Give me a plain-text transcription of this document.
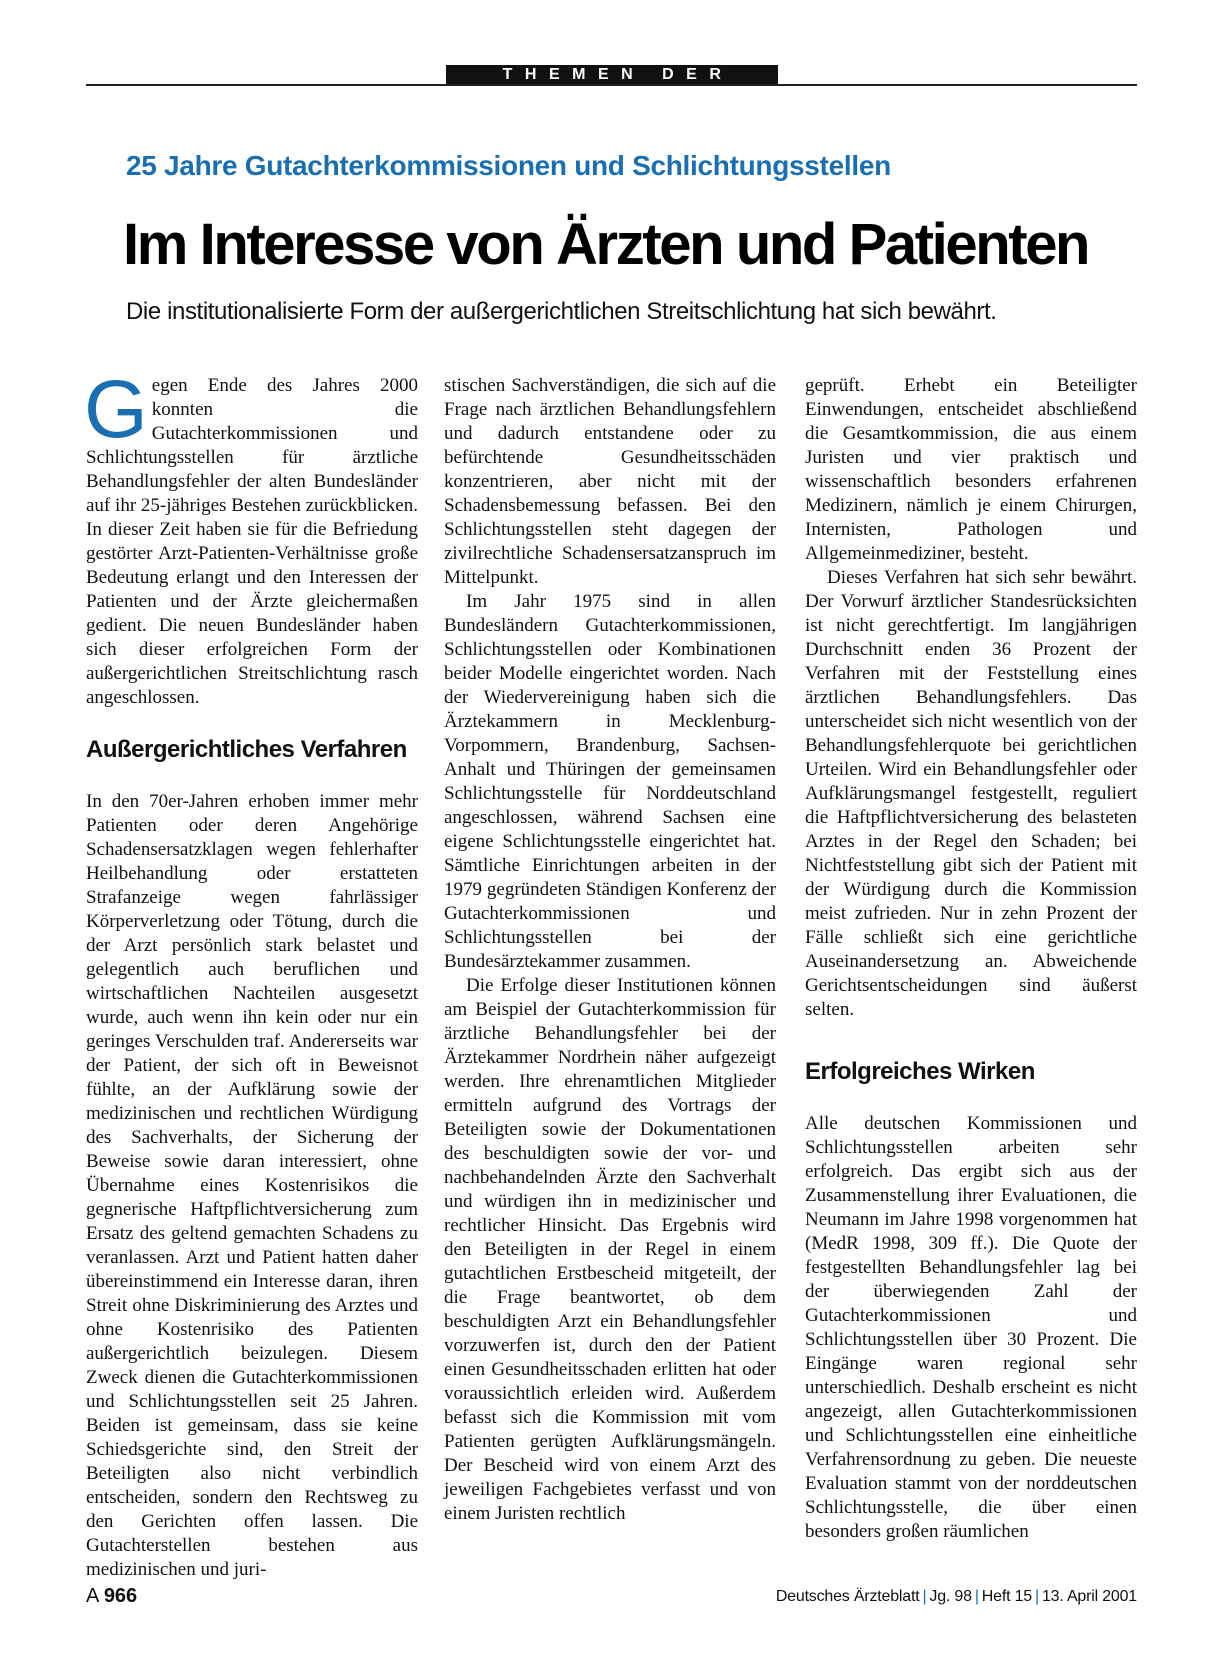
THEMEN DER ZEIT
25 Jahre Gutachterkommissionen und Schlichtungsstellen
Im Interesse von Ärzten und Patienten
Die institutionalisierte Form der außergerichtlichen Streitschlichtung hat sich bewährt.

Gegen Ende des Jahres 2000 konnten die Gutachterkommissionen und Schlichtungsstellen für ärztliche Behandlungsfehler der alten Bundesländer auf ihr 25-jähriges Bestehen zurückblicken. In dieser Zeit haben sie für die Befriedung gestörter Arzt-Patienten-Verhältnisse große Bedeutung erlangt und den Interessen der Patienten und der Ärzte gleichermaßen gedient. Die neuen Bundesländer haben sich dieser erfolgreichen Form der außergerichtlichen Streitschlichtung rasch angeschlossen.

Außergerichtliches Verfahren

In den 70er-Jahren erhoben immer mehr Patienten oder deren Angehörige Schadensersatzklagen wegen fehlerhafter Heilbehandlung oder erstatteten Strafanzeige wegen fahrlässiger Körperverletzung oder Tötung, durch die der Arzt persönlich stark belastet und gelegentlich auch beruflichen und wirtschaftlichen Nachteilen ausgesetzt wurde, auch wenn ihn kein oder nur ein geringes Verschulden traf. Andererseits war der Patient, der sich oft in Beweisnot fühlte, an der Aufklärung sowie der medizinischen und rechtlichen Würdigung des Sachverhalts, der Sicherung der Beweise sowie daran interessiert, ohne Übernahme eines Kostenrisikos die gegnerische Haftpflichtversicherung zum Ersatz des geltend gemachten Schadens zu veranlassen. Arzt und Patient hatten daher übereinstimmend ein Interesse daran, ihren Streit ohne Diskriminierung des Arztes und ohne Kostenrisiko des Patienten außergerichtlich beizulegen. Diesem Zweck dienen die Gutachterkommissionen und Schlichtungsstellen seit 25 Jahren. Beiden ist gemeinsam, dass sie keine Schiedsgerichte sind, den Streit der Beteiligten also nicht verbindlich entscheiden, sondern den Rechtsweg zu den Gerichten offen lassen. Die Gutachterstellen bestehen aus medizinischen und juri-

stischen Sachverständigen, die sich auf die Frage nach ärztlichen Behandlungsfehlern und dadurch entstandene oder zu befürchtende Gesundheitsschäden konzentrieren, aber nicht mit der Schadensbemessung befassen. Bei den Schlichtungsstellen steht dagegen der zivilrechtliche Schadensersatzanspruch im Mittelpunkt.

Im Jahr 1975 sind in allen Bundesländern Gutachterkommissionen, Schlichtungsstellen oder Kombinationen beider Modelle eingerichtet worden. Nach der Wiedervereinigung haben sich die Ärztekammern in Mecklenburg-Vorpommern, Brandenburg, Sachsen-Anhalt und Thüringen der gemeinsamen Schlichtungsstelle für Norddeutschland angeschlossen, während Sachsen eine eigene Schlichtungsstelle eingerichtet hat. Sämtliche Einrichtungen arbeiten in der 1979 gegründeten Ständigen Konferenz der Gutachterkommissionen und Schlichtungsstellen bei der Bundesärztekammer zusammen.

Die Erfolge dieser Institutionen können am Beispiel der Gutachterkommission für ärztliche Behandlungsfehler bei der Ärztekammer Nordrhein näher aufgezeigt werden. Ihre ehrenamtlichen Mitglieder ermitteln aufgrund des Vortrags der Beteiligten sowie der Dokumentationen des beschuldigten sowie der vor- und nachbehandelnden Ärzte den Sachverhalt und würdigen ihn in medizinischer und rechtlicher Hinsicht. Das Ergebnis wird den Beteiligten in der Regel in einem gutachtlichen Erstbescheid mitgeteilt, der die Frage beantwortet, ob dem beschuldigten Arzt ein Behandlungsfehler vorzuwerfen ist, durch den der Patient einen Gesundheitsschaden erlitten hat oder voraussichtlich erleiden wird. Außerdem befasst sich die Kommission mit vom Patienten gerügten Aufklärungsmängeln. Der Bescheid wird von einem Arzt des jeweiligen Fachgebietes verfasst und von einem Juristen rechtlich

geprüft. Erhebt ein Beteiligter Einwendungen, entscheidet abschließend die Gesamtkommission, die aus einem Juristen und vier praktisch und wissenschaftlich besonders erfahrenen Medizinern, nämlich je einem Chirurgen, Internisten, Pathologen und Allgemeinmediziner, besteht.

Dieses Verfahren hat sich sehr bewährt. Der Vorwurf ärztlicher Standesrücksichten ist nicht gerechtfertigt. Im langjährigen Durchschnitt enden 36 Prozent der Verfahren mit der Feststellung eines ärztlichen Behandlungsfehlers. Das unterscheidet sich nicht wesentlich von der Behandlungsfehlerquote bei gerichtlichen Urteilen. Wird ein Behandlungsfehler oder Aufklärungsmangel festgestellt, reguliert die Haftpflichtversicherung des belasteten Arztes in der Regel den Schaden; bei Nichtfeststellung gibt sich der Patient mit der Würdigung durch die Kommission meist zufrieden. Nur in zehn Prozent der Fälle schließt sich eine gerichtliche Auseinandersetzung an. Abweichende Gerichtsentscheidungen sind äußerst selten.

Erfolgreiches Wirken

Alle deutschen Kommissionen und Schlichtungsstellen arbeiten sehr erfolgreich. Das ergibt sich aus der Zusammenstellung ihrer Evaluationen, die Neumann im Jahre 1998 vorgenommen hat (MedR 1998, 309 ff.). Die Quote der festgestellten Behandlungsfehler lag bei der überwiegenden Zahl der Gutachterkommissionen und Schlichtungsstellen über 30 Prozent. Die Eingänge waren regional sehr unterschiedlich. Deshalb erscheint es nicht angezeigt, allen Gutachterkommissionen und Schlichtungsstellen eine einheitliche Verfahrensordnung zu geben. Die neueste Evaluation stammt von der norddeutschen Schlichtungsstelle, die über einen besonders großen räumlichen

A 966	Deutsches Ärzteblatt | Jg. 98 | Heft 15 | 13. April 2001
